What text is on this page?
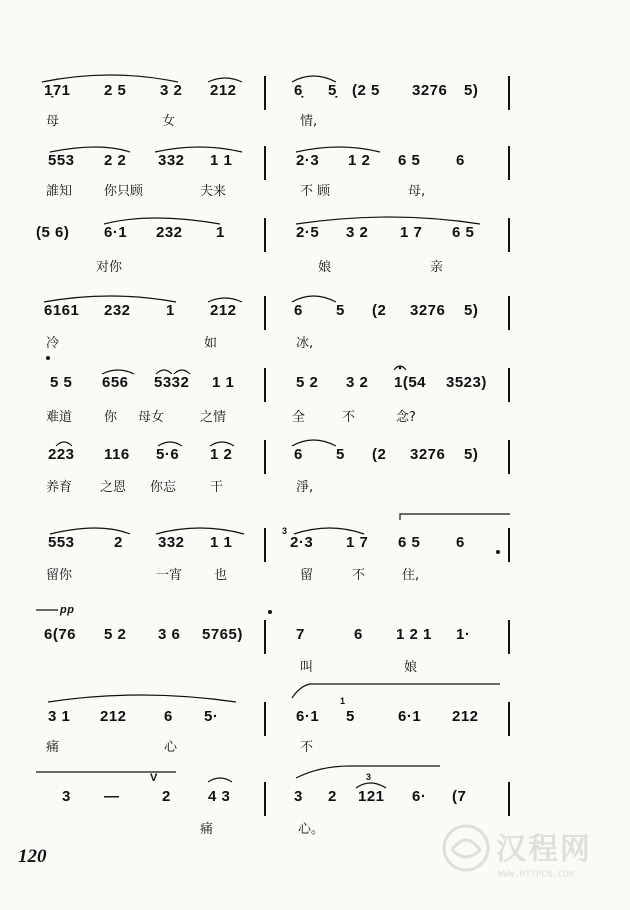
1̣71 2 5 3 2 212	6̣ 5̣ (2 5 3276 5)
母	女	情,
553 2 2 332 1 1	2·3 1 2 6 5 6
誰知 你只顾	夫来	不 顾	母,
(5 6) 6·1 232 1	2·5 3 2 1 7 6 5
对你	娘	亲
6161 232 1 212	6 5 (2 3276 5)
冷	如	冰,
5 5 656 5332 1 1	5 2 3 2 1(54 3523)
难道 你 母女	之情	全	不	念?
223 116 5·6 1 2	6 5 (2 3276 5)
养育 之恩 你忘	干	淨,
3
553	2 332 1 1	2·3 1 7 6 5 6
留你	一宵 也	留	不	住,
pp
6(76 5 2 3 6 5765)	7	6 1 2 1 1·
叫	娘
1
3 1 212 6 5·	6·1 5	6·1 212
痛	心	不
V	3
3 —	2 4 3	3 2 121 6· (7
痛	心。
120	汉程网
WWW.HTTPCN.COM
